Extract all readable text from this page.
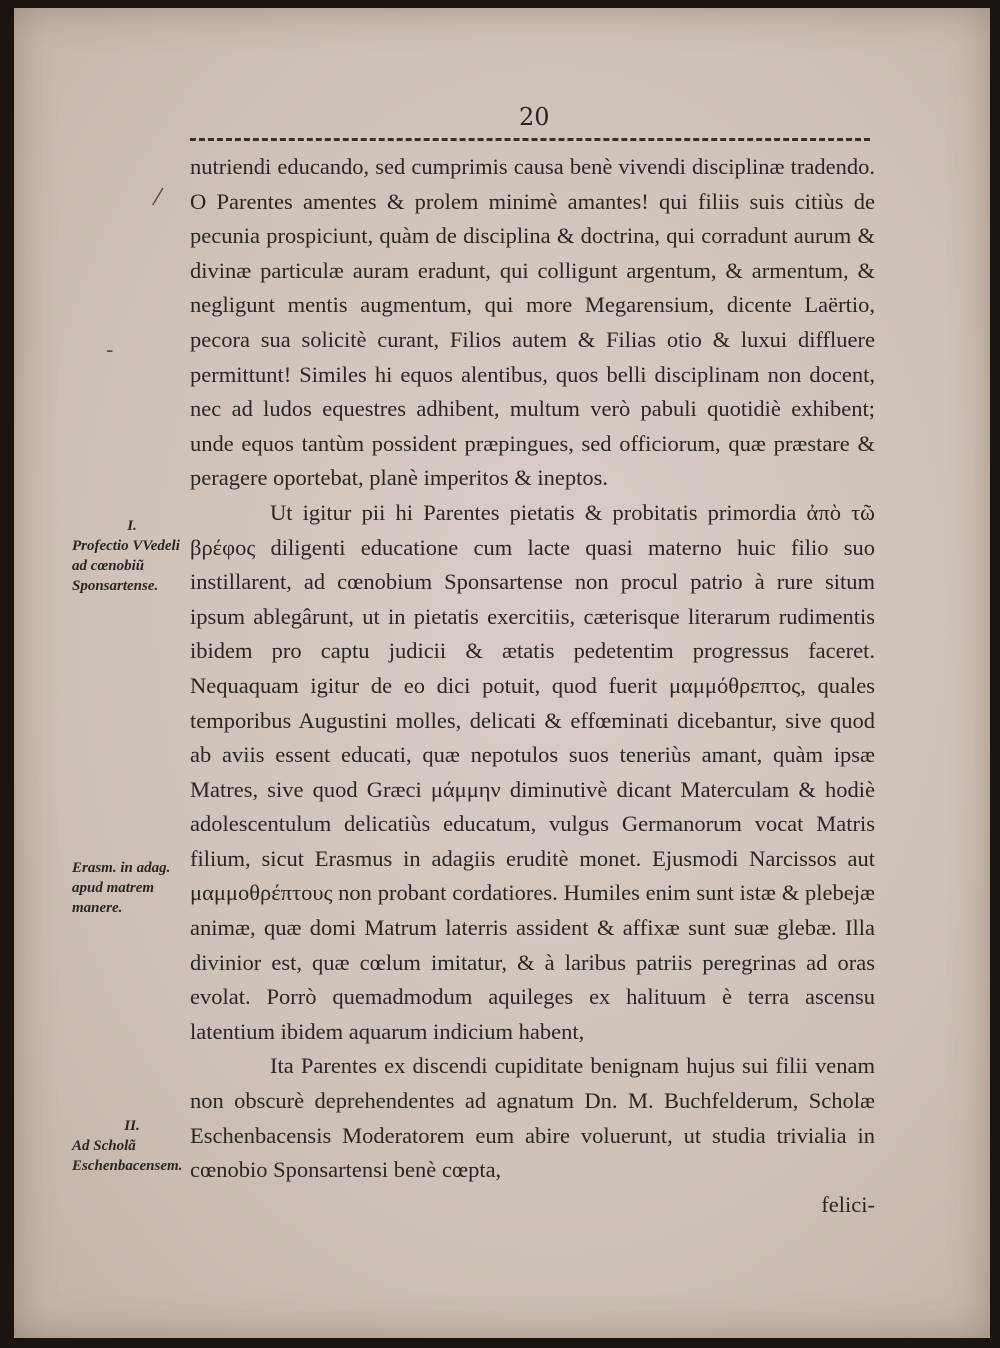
20
⁄
-

nutriendi educando, sed cumprimis causa benè vivendi disciplinæ tradendo. O Parentes amentes & prolem minimè amantes! qui filiis suis citiùs de pecunia prospiciunt, quàm de disciplina & doctrina, qui corradunt aurum & divinæ particulæ auram eradunt, qui colligunt argentum, & armentum, & negligunt mentis augmentum, qui more Megarensium, dicente Laërtio, pecora sua solicitè curant, Filios autem & Filias otio & luxui diffluere permittunt! Similes hi equos alentibus, quos belli disciplinam non docent, nec ad ludos equestres adhibent, multum verò pabuli quotidiè exhibent; unde equos tantùm possident præpingues, sed officiorum, quæ præstare & peragere oportebat, planè imperitos & ineptos.

Ut igitur pii hi Parentes pietatis & probitatis primordia ἀπὸ τῶ βρέφος diligenti educatione cum lacte quasi materno huic filio suo instillarent, ad cœnobium Sponsartense non procul patrio à rure situm ipsum ablegârunt, ut in pietatis exercitiis, cæterisque literarum rudimentis ibidem pro captu judicii & ætatis pedetentim progressus faceret. Nequaquam igitur de eo dici potuit, quod fuerit μαμμόθρεπτος, quales temporibus Augustini molles, delicati & effœminati dicebantur, sive quod ab aviis essent educati, quæ nepotulos suos teneriùs amant, quàm ipsæ Matres, sive quod Græci μάμμην diminutivè dicant Materculam & hodiè adolescentulum delicatiùs educatum, vulgus Germanorum vocat Matris filium, sicut Erasmus in adagiis eruditè monet. Ejusmodi Narcissos aut μαμμοθρέπτους non probant cordatiores. Humiles enim sunt istæ & plebejæ animæ, quæ domi Matrum laterris assident & affixæ sunt suæ glebæ. Illa divinior est, quæ cœlum imitatur, & à laribus patriis peregrinas ad oras evolat. Porrò quemadmodum aquileges ex halituum è terra ascensu latentium ibidem aquarum indicium habent,

Ita Parentes ex discendi cupiditate benignam hujus sui filii venam non obscurè deprehendentes ad agnatum Dn. M. Buchfelderum, Scholæ Eschenbacensis Moderatorem eum abire voluerunt, ut studia trivialia in cœnobio Sponsartensi benè cœpta,

felici-

I.
Profectio VVedeli ad cœnobiũ Sponsartense.
Erasm. in adag. apud matrem manere.
II.
Ad Scholã Eschenbacensem.
